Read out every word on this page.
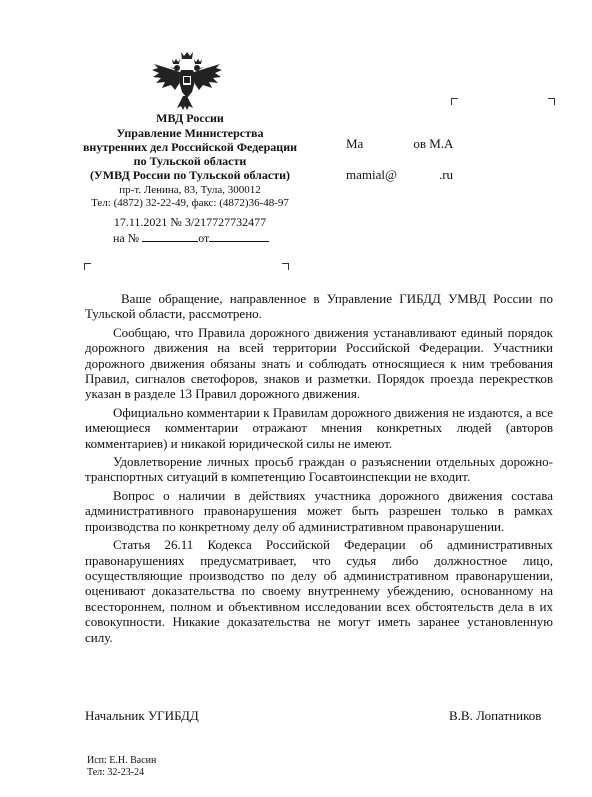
МВД России
Управление Министерства
внутренних дел Российской Федерации
по Тульской области
(УМВД России по Тульской области)
пр-т. Ленина, 83, Тула, 300012
Тел: (4872) 32-22-49, факс: (4872)36-48-97
17.11.2021 № 3/217727732477
на №	от
Ма	ов М.А
mamial@	.ru

Ваше обращение, направленное в Управление ГИБДД УМВД России по Тульской области, рассмотрено.

Сообщаю, что Правила дорожного движения устанавливают единый порядок дорожного движения на всей территории Российской Федерации. Участники дорожного движения обязаны знать и соблюдать относящиеся к ним требования Правил, сигналов светофоров, знаков и разметки. Порядок проезда перекрестков указан в разделе 13 Правил дорожного движения.

Официально комментарии к Правилам дорожного движения не издаются, а все имеющиеся комментарии отражают мнения конкретных людей (авторов комментариев) и никакой юридической силы не имеют.

Удовлетворение личных просьб граждан о разъяснении отдельных дорожно-транспортных ситуаций в компетенцию Госавтоинспекции не входит.

Вопрос о наличии в действиях участника дорожного движения состава административного правонарушения может быть разрешен только в рамках производства по конкретному делу об административном правонарушении.

Статья 26.11 Кодекса Российской Федерации об административных правонарушениях предусматривает, что судья либо должностное лицо, осуществляющие производство по делу об административном правонарушении, оценивают доказательства по своему внутреннему убеждению, основанному на всестороннем, полном и объективном исследовании всех обстоятельств дела в их совокупности. Никакие доказательства не могут иметь заранее установленную силу.

Начальник УГИБДД	В.В. Лопатников
Исп: Е.Н. Васин
Тел: 32-23-24
